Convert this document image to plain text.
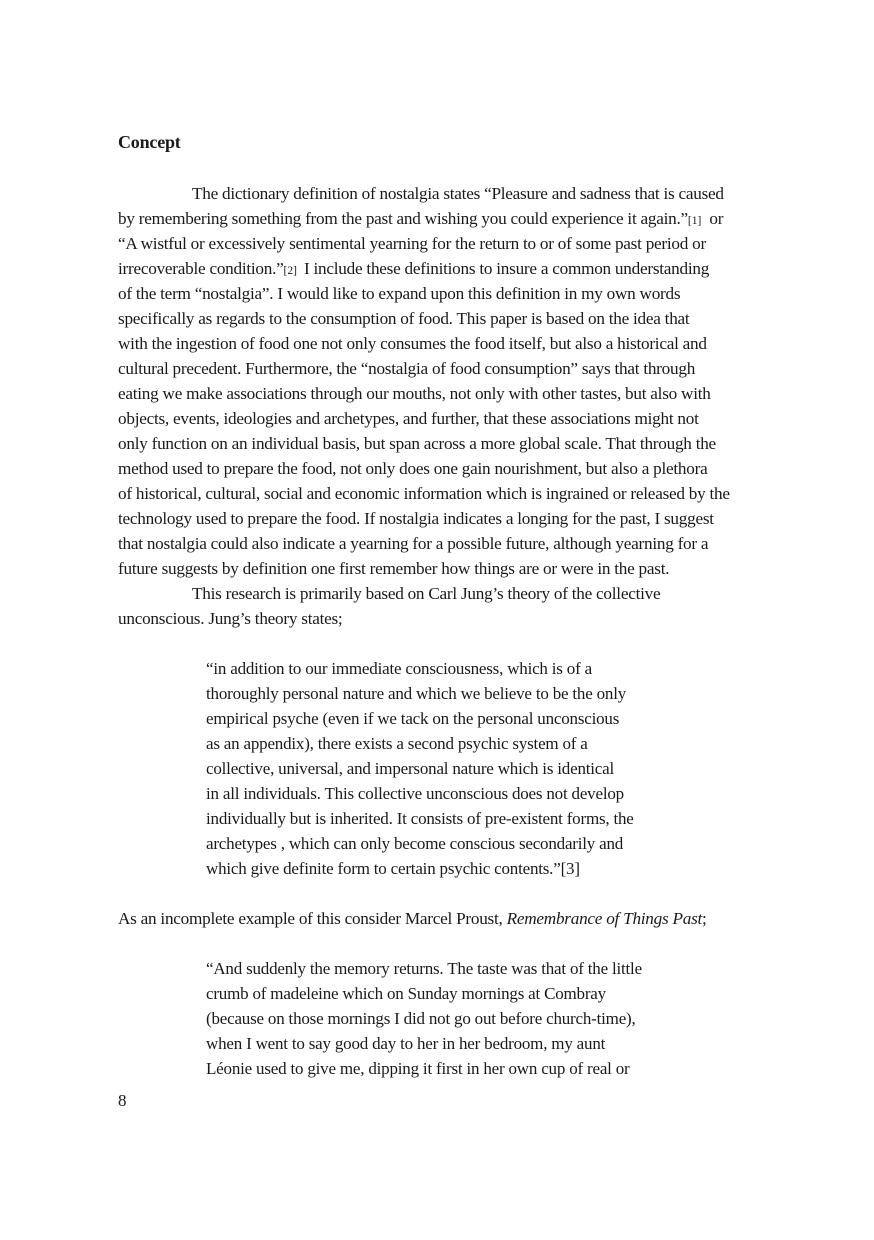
Concept
The dictionary definition of nostalgia states “Pleasure and sadness that is caused
by remembering something from the past and wishing you could experience it again.”[1] or
“A wistful or excessively sentimental yearning for the return to or of some past period or
irrecoverable condition.”[2] I include these definitions to insure a common understanding
of the term “nostalgia”. I would like to expand upon this definition in my own words
specifically as regards to the consumption of food. This paper is based on the idea that
with the ingestion of food one not only consumes the food itself, but also a historical and
cultural precedent. Furthermore, the “nostalgia of food consumption” says that through
eating we make associations through our mouths, not only with other tastes, but also with
objects, events, ideologies and archetypes, and further, that these associations might not
only function on an individual basis, but span across a more global scale. That through the
method used to prepare the food, not only does one gain nourishment, but also a plethora
of historical, cultural, social and economic information which is ingrained or released by the
technology used to prepare the food. If nostalgia indicates a longing for the past, I suggest
that nostalgia could also indicate a yearning for a possible future, although yearning for a
future suggests by definition one first remember how things are or were in the past.
This research is primarily based on Carl Jung’s theory of the collective
unconscious. Jung’s theory states;
“in addition to our immediate consciousness, which is of a
thoroughly personal nature and which we believe to be the only
empirical psyche (even if we tack on the personal unconscious
as an appendix), there exists a second psychic system of a
collective, universal, and impersonal nature which is identical
in all individuals. This collective unconscious does not develop
individually but is inherited. It consists of pre-existent forms, the
archetypes , which can only become conscious secondarily and
which give definite form to certain psychic contents.”[3]
As an incomplete example of this consider Marcel Proust, Remembrance of Things Past;
“And suddenly the memory returns. The taste was that of the little
crumb of madeleine which on Sunday mornings at Combray
(because on those mornings I did not go out before church-time),
when I went to say good day to her in her bedroom, my aunt
Léonie used to give me, dipping it first in her own cup of real or
8
